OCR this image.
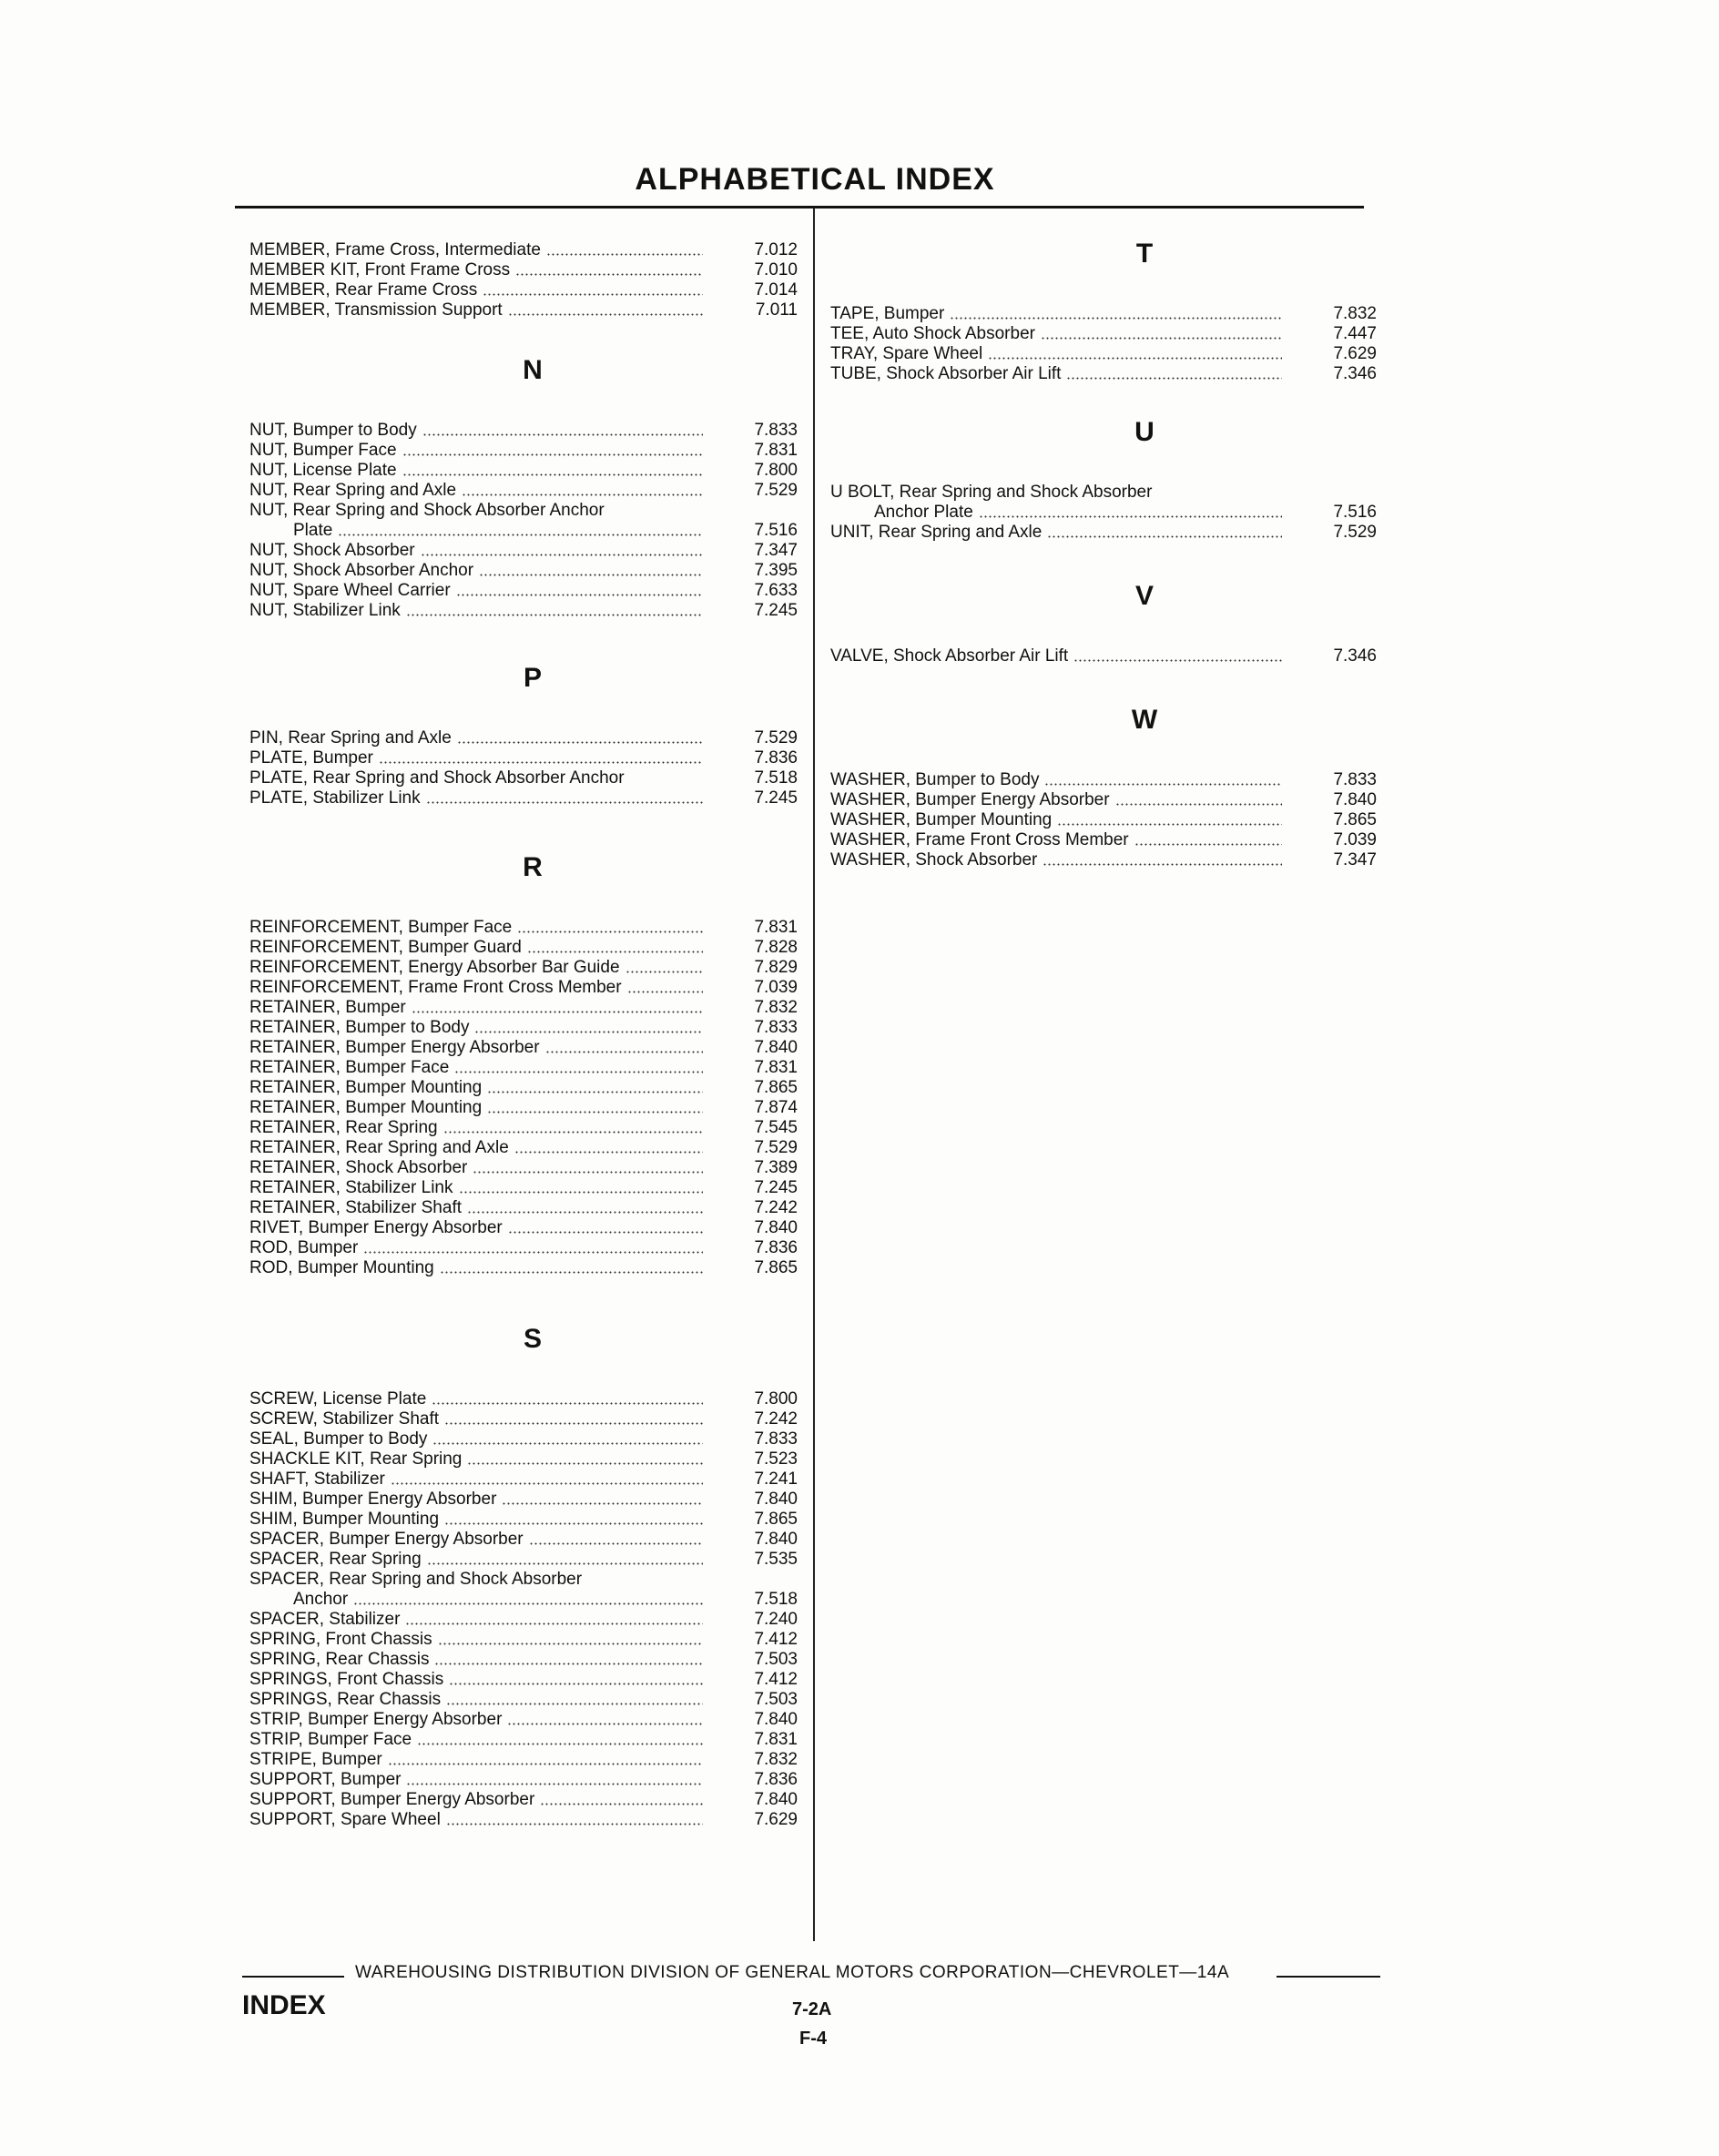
ALPHABETICAL INDEX
MEMBER, Frame Cross, Intermediate	7.012
MEMBER KIT, Front Frame Cross	7.010
MEMBER, Rear Frame Cross	7.014
MEMBER, Transmission Support	7.011
N
NUT, Bumper to Body	7.833
NUT, Bumper Face	7.831
NUT, License Plate	7.800
NUT, Rear Spring and Axle	7.529
NUT, Rear Spring and Shock Absorber Anchor
Plate	7.516
NUT, Shock Absorber	7.347
NUT, Shock Absorber Anchor	7.395
NUT, Spare Wheel Carrier	7.633
NUT, Stabilizer Link	7.245
P
PIN, Rear Spring and Axle	7.529
PLATE, Bumper	7.836
PLATE, Rear Spring and Shock Absorber Anchor	7.518
PLATE, Stabilizer Link	7.245
R
REINFORCEMENT, Bumper Face	7.831
REINFORCEMENT, Bumper Guard	7.828
REINFORCEMENT, Energy Absorber Bar Guide	7.829
REINFORCEMENT, Frame Front Cross Member	7.039
RETAINER, Bumper	7.832
RETAINER, Bumper to Body	7.833
RETAINER, Bumper Energy Absorber	7.840
RETAINER, Bumper Face	7.831
RETAINER, Bumper Mounting	7.865
RETAINER, Bumper Mounting	7.874
RETAINER, Rear Spring	7.545
RETAINER, Rear Spring and Axle	7.529
RETAINER, Shock Absorber	7.389
RETAINER, Stabilizer Link	7.245
RETAINER, Stabilizer Shaft	7.242
RIVET, Bumper Energy Absorber	7.840
ROD, Bumper	7.836
ROD, Bumper Mounting	7.865
S
SCREW, License Plate	7.800
SCREW, Stabilizer Shaft	7.242
SEAL, Bumper to Body	7.833
SHACKLE KIT, Rear Spring	7.523
SHAFT, Stabilizer	7.241
SHIM, Bumper Energy Absorber	7.840
SHIM, Bumper Mounting	7.865
SPACER, Bumper Energy Absorber	7.840
SPACER, Rear Spring	7.535
SPACER, Rear Spring and Shock Absorber
Anchor	7.518
SPACER, Stabilizer	7.240
SPRING, Front Chassis	7.412
SPRING, Rear Chassis	7.503
SPRINGS, Front Chassis	7.412
SPRINGS, Rear Chassis	7.503
STRIP, Bumper Energy Absorber	7.840
STRIP, Bumper Face	7.831
STRIPE, Bumper	7.832
SUPPORT, Bumper	7.836
SUPPORT, Bumper Energy Absorber	7.840
SUPPORT, Spare Wheel	7.629
T
TAPE, Bumper	7.832
TEE, Auto Shock Absorber	7.447
TRAY, Spare Wheel	7.629
TUBE, Shock Absorber Air Lift	7.346
U
U BOLT, Rear Spring and Shock Absorber
Anchor Plate	7.516
UNIT, Rear Spring and Axle	7.529
V
VALVE, Shock Absorber Air Lift	7.346
W
WASHER, Bumper to Body	7.833
WASHER, Bumper Energy Absorber	7.840
WASHER, Bumper Mounting	7.865
WASHER, Frame Front Cross Member	7.039
WASHER, Shock Absorber	7.347
WAREHOUSING DISTRIBUTION DIVISION OF GENERAL MOTORS CORPORATION—CHEVROLET—14A
INDEX	7-2A
F-4
